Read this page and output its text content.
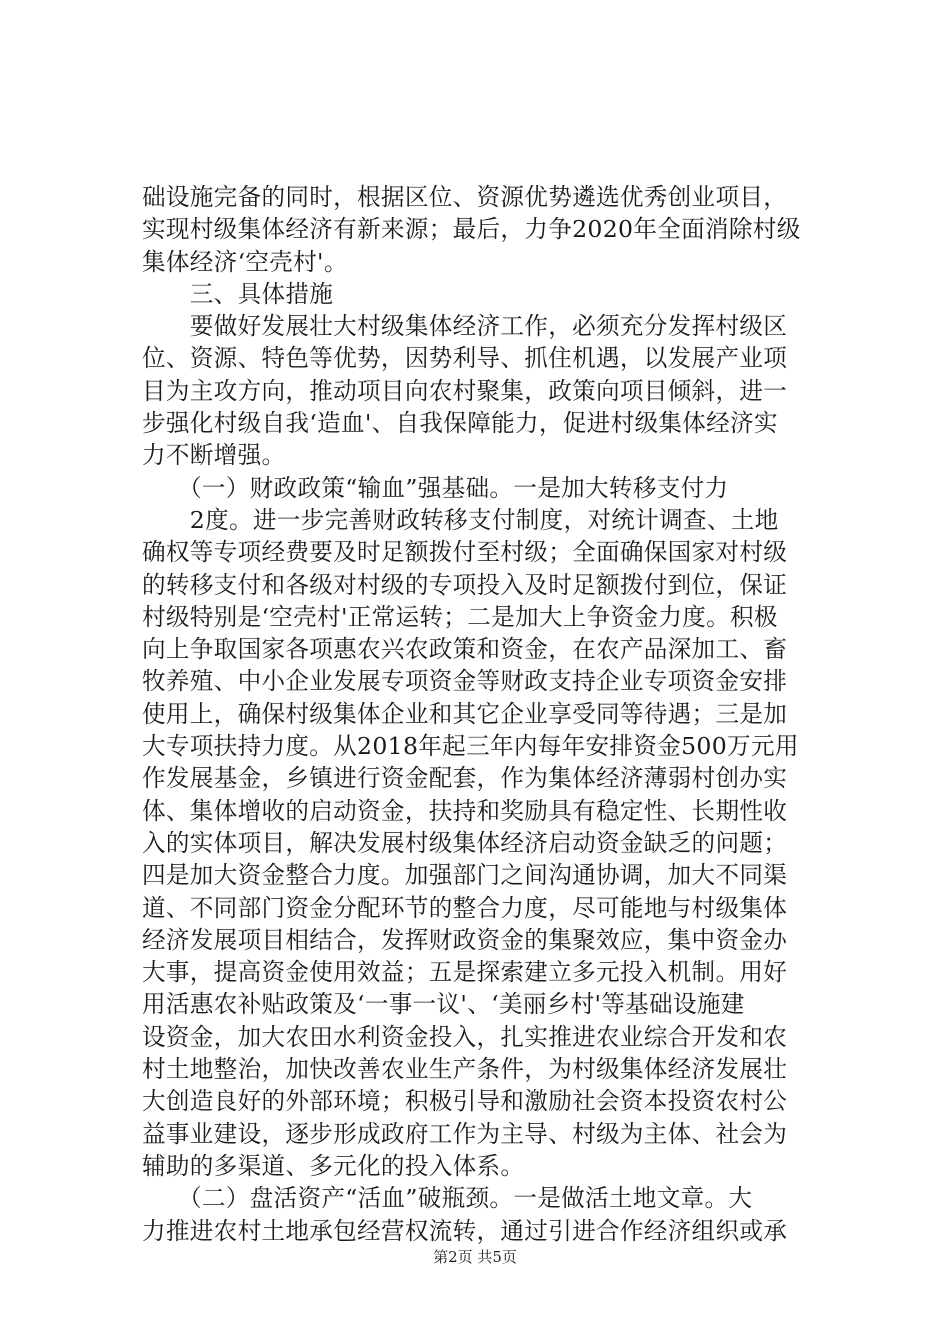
础设施完备的同时，根据区位、资源优势遴选优秀创业项目，
实现村级集体经济有新来源；最后，力争2020年全面消除村级
集体经济‘空壳村'。
　　三、具体措施
　　要做好发展壮大村级集体经济工作，必须充分发挥村级区
位、资源、特色等优势，因势利导、抓住机遇，以发展产业项
目为主攻方向，推动项目向农村聚集，政策向项目倾斜，进一
步强化村级自我‘造血'、自我保障能力，促进村级集体经济实
力不断增强。
　　（一）财政政策“输血”强基础。一是加大转移支付力
　　2度。进一步完善财政转移支付制度，对统计调查、土地
确权等专项经费要及时足额拨付至村级；全面确保国家对村级
的转移支付和各级对村级的专项投入及时足额拨付到位，保证
村级特别是‘空壳村'正常运转；二是加大上争资金力度。积极
向上争取国家各项惠农兴农政策和资金，在农产品深加工、畜
牧养殖、中小企业发展专项资金等财政支持企业专项资金安排
使用上，确保村级集体企业和其它企业享受同等待遇；三是加
大专项扶持力度。从2018年起三年内每年安排资金500万元用
作发展基金，乡镇进行资金配套，作为集体经济薄弱村创办实
体、集体增收的启动资金，扶持和奖励具有稳定性、长期性收
入的实体项目，解决发展村级集体经济启动资金缺乏的问题；
四是加大资金整合力度。加强部门之间沟通协调，加大不同渠
道、不同部门资金分配环节的整合力度，尽可能地与村级集体
经济发展项目相结合，发挥财政资金的集聚效应，集中资金办
大事，提高资金使用效益；五是探索建立多元投入机制。用好
用活惠农补贴政策及‘一事一议'、‘美丽乡村'等基础设施建
设资金，加大农田水利资金投入，扎实推进农业综合开发和农
村土地整治，加快改善农业生产条件，为村级集体经济发展壮
大创造良好的外部环境；积极引导和激励社会资本投资农村公
益事业建设，逐步形成政府工作为主导、村级为主体、社会为
辅助的多渠道、多元化的投入体系。
　　（二）盘活资产“活血”破瓶颈。一是做活土地文章。大
力推进农村土地承包经营权流转，通过引进合作经济组织或承
第2页 共5页
